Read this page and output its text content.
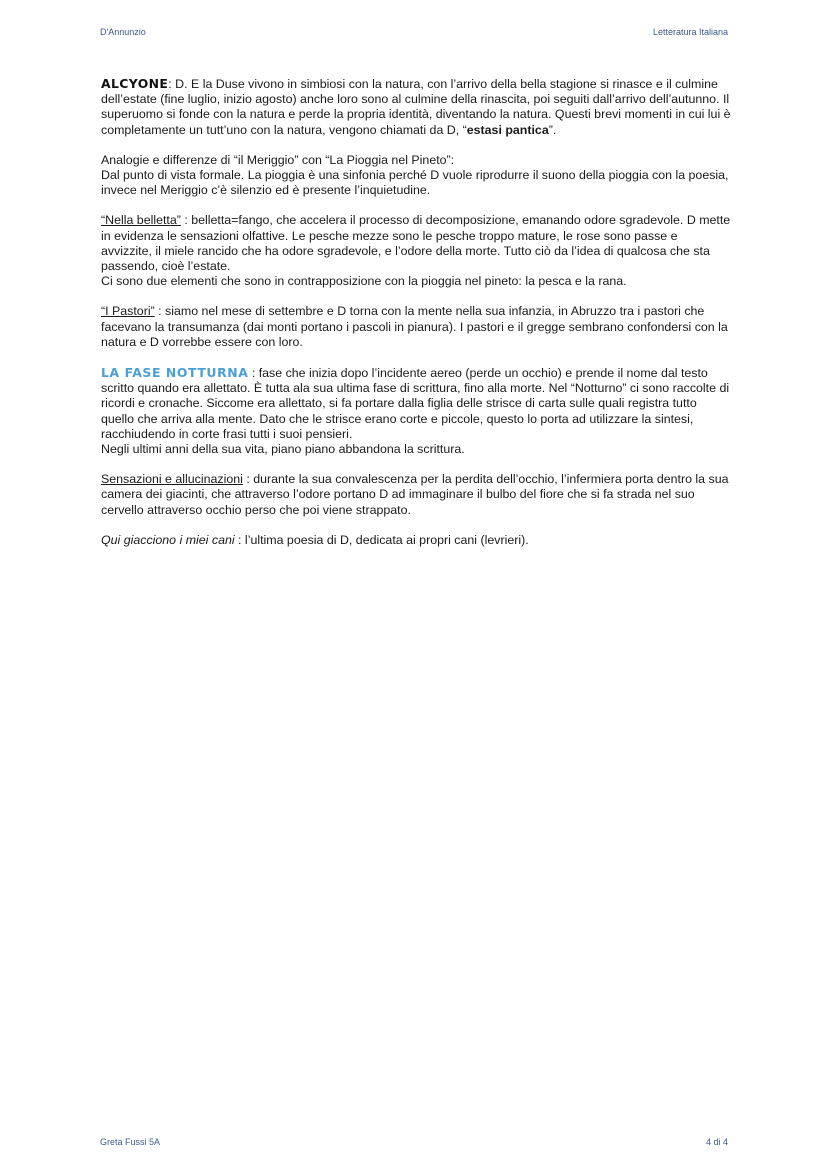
D'Annunzio	Letteratura Italiana

ALCYONE: D. E la Duse vivono in simbiosi con la natura, con l’arrivo della bella stagione si rinasce e il culmine dell’estate (fine luglio, inizio agosto) anche loro sono al culmine della rinascita, poi seguiti dall’arrivo dell’autunno. Il superuomo si fonde con la natura e perde la propria identità, diventando la natura. Questi brevi momenti in cui lui è completamente un tutt’uno con la natura, vengono chiamati da D, “estasi pantica”.

Analogie e differenze di “il Meriggio” con “La Pioggia nel Pineto”:
Dal punto di vista formale. La pioggia è una sinfonia perché D vuole riprodurre il suono della pioggia con la poesia, invece nel Meriggio c’è silenzio ed è presente l’inquietudine.

“Nella belletta” : belletta=fango, che accelera il processo di decomposizione, emanando odore sgradevole. D mette in evidenza le sensazioni olfattive. Le pesche mezze sono le pesche troppo mature, le rose sono passe e avvizzite, il miele rancido che ha odore sgradevole, e l’odore della morte. Tutto ciò da l’idea di qualcosa che sta passendo, cioè l’estate.
Ci sono due elementi che sono in contrapposizione con la pioggia nel pineto: la pesca e la rana.

“I Pastori” : siamo nel mese di settembre e D torna con la mente nella sua infanzia, in Abruzzo tra i pastori che facevano la transumanza (dai monti portano i pascoli in pianura). I pastori e il gregge sembrano confondersi con la natura e D vorrebbe essere con loro.

LA FASE NOTTURNA : fase che inizia dopo l’incidente aereo (perde un occhio) e prende il nome dal testo scritto quando era allettato. È tutta ala sua ultima fase di scrittura, fino alla morte. Nel “Notturno” ci sono raccolte di ricordi e cronache. Siccome era allettato, si fa portare dalla figlia delle strisce di carta sulle quali registra tutto quello che arriva alla mente. Dato che le strisce erano corte e piccole, questo lo porta ad utilizzare la sintesi, racchiudendo in corte frasi tutti i suoi pensieri.
Negli ultimi anni della sua vita, piano piano abbandona la scrittura.

Sensazioni e allucinazioni : durante la sua convalescenza per la perdita dell’occhio, l’infermiera porta dentro la sua camera dei giacinti, che attraverso l’odore portano D ad immaginare il bulbo del fiore che si fa strada nel suo cervello attraverso occhio perso che poi viene strappato.

Qui giacciono i miei cani : l’ultima poesia di D, dedicata ai propri cani (levrieri).

Greta Fussi 5A	4 di 4
